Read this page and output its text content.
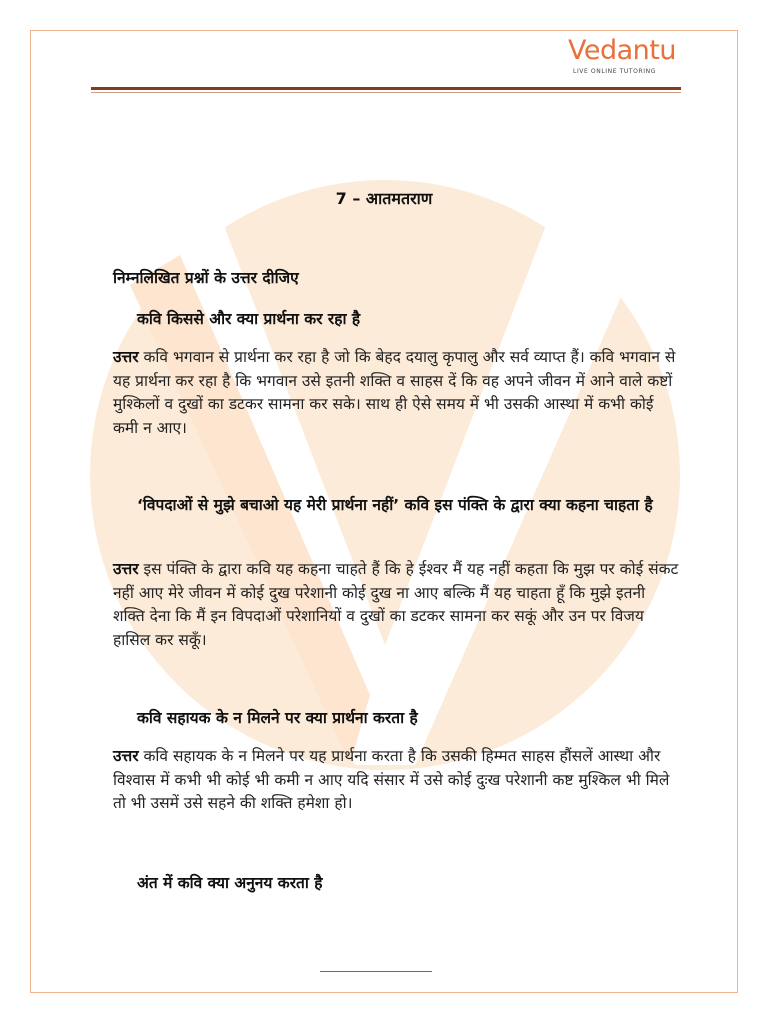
Vedantu
LIVE ONLINE TUTORING
7 – आतमतराण
निम्नलिखित प्रश्नों के उत्तर दीजिए
कवि किससे और क्या प्रार्थना कर रहा है
उत्तर कवि भगवान से प्रार्थना कर रहा है जो कि बेहद दयालु कृपालु और सर्व व्याप्त हैं। कवि भगवान से यह प्रार्थना कर रहा है कि भगवान उसे इतनी शक्ति व साहस दें कि वह अपने जीवन में आने वाले कष्टों मुश्किलों व दुखों का डटकर सामना कर सके। साथ ही ऐसे समय में भी उसकी आस्था में कभी कोई कमी न आए।
‘विपदाओं से मुझे बचाओ यह मेरी प्रार्थना नहीं’ कवि इस पंक्ति के द्वारा क्या कहना चाहता है
उत्तर इस पंक्ति के द्वारा कवि यह कहना चाहते हैं कि हे ईश्वर मैं यह नहीं कहता कि मुझ पर कोई संकट नहीं आए मेरे जीवन में कोई दुख परेशानी कोई दुख ना आए बल्कि मैं यह चाहता हूँ कि मुझे इतनी शक्ति देना कि मैं इन विपदाओं परेशानियों व दुखों का डटकर सामना कर सकूं और उन पर विजय हासिल कर सकूँ।
कवि सहायक के न मिलने पर क्या प्रार्थना करता है
उत्तर कवि सहायक के न मिलने पर यह प्रार्थना करता है कि उसकी हिम्मत साहस हौंसलें आस्था और विश्वास में कभी भी कोई भी कमी न आए यदि संसार में उसे कोई दुःख परेशानी कष्ट मुश्किल भी मिले तो भी उसमें उसे सहने की शक्ति हमेशा हो।
अंत में कवि क्या अनुनय करता है
